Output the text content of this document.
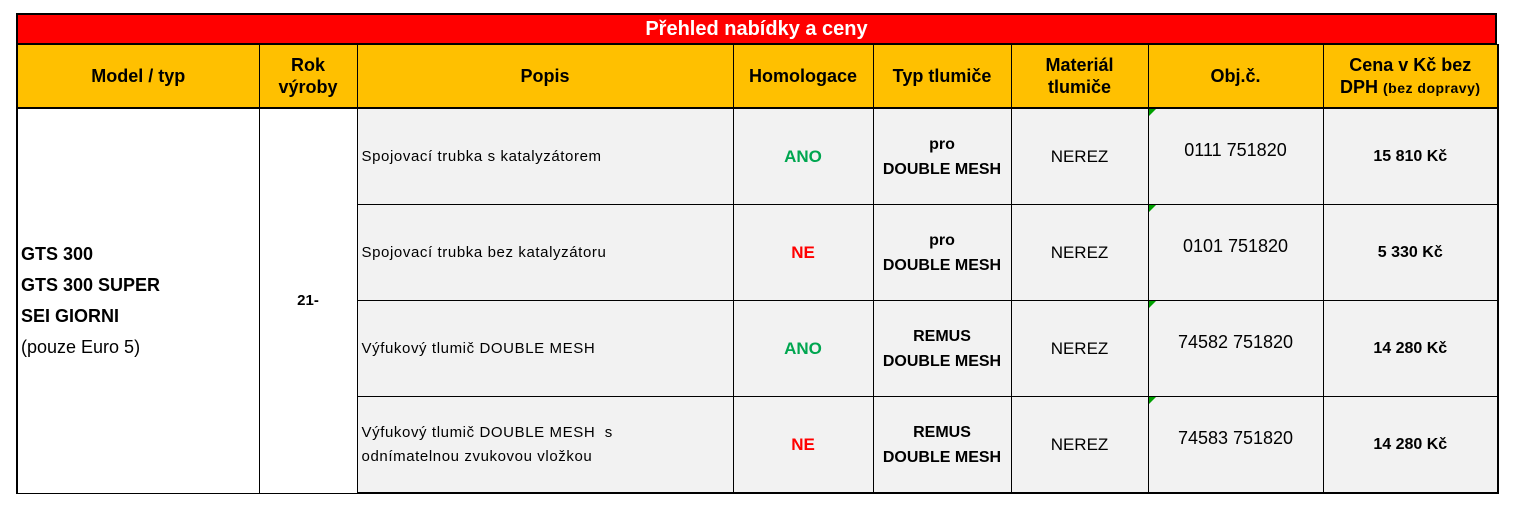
Přehled nabídky a ceny
Model / typ	Rok
výroby	Popis	Homologace	Typ tlumiče	Materiál
tlumiče	Obj.č.	Cena v Kč bez
DPH (bez dopravy)
GTS 300
GTS 300 SUPER
SEI GIORNI
(pouze Euro 5)	21-	Spojovací trubka s katalyzátorem	ANO	pro
DOUBLE MESH	NEREZ	0111 751820	15 810 Kč
		Spojovací trubka bez katalyzátoru	NE	pro
DOUBLE MESH	NEREZ	0101 751820	5 330 Kč
		Výfukový tlumič DOUBLE MESH	ANO	REMUS
DOUBLE MESH	NEREZ	74582 751820	14 280 Kč
		Výfukový tlumič DOUBLE MESH  s
odnímatelnou zvukovou vložkou	NE	REMUS
DOUBLE MESH	NEREZ	74583 751820	14 280 Kč
